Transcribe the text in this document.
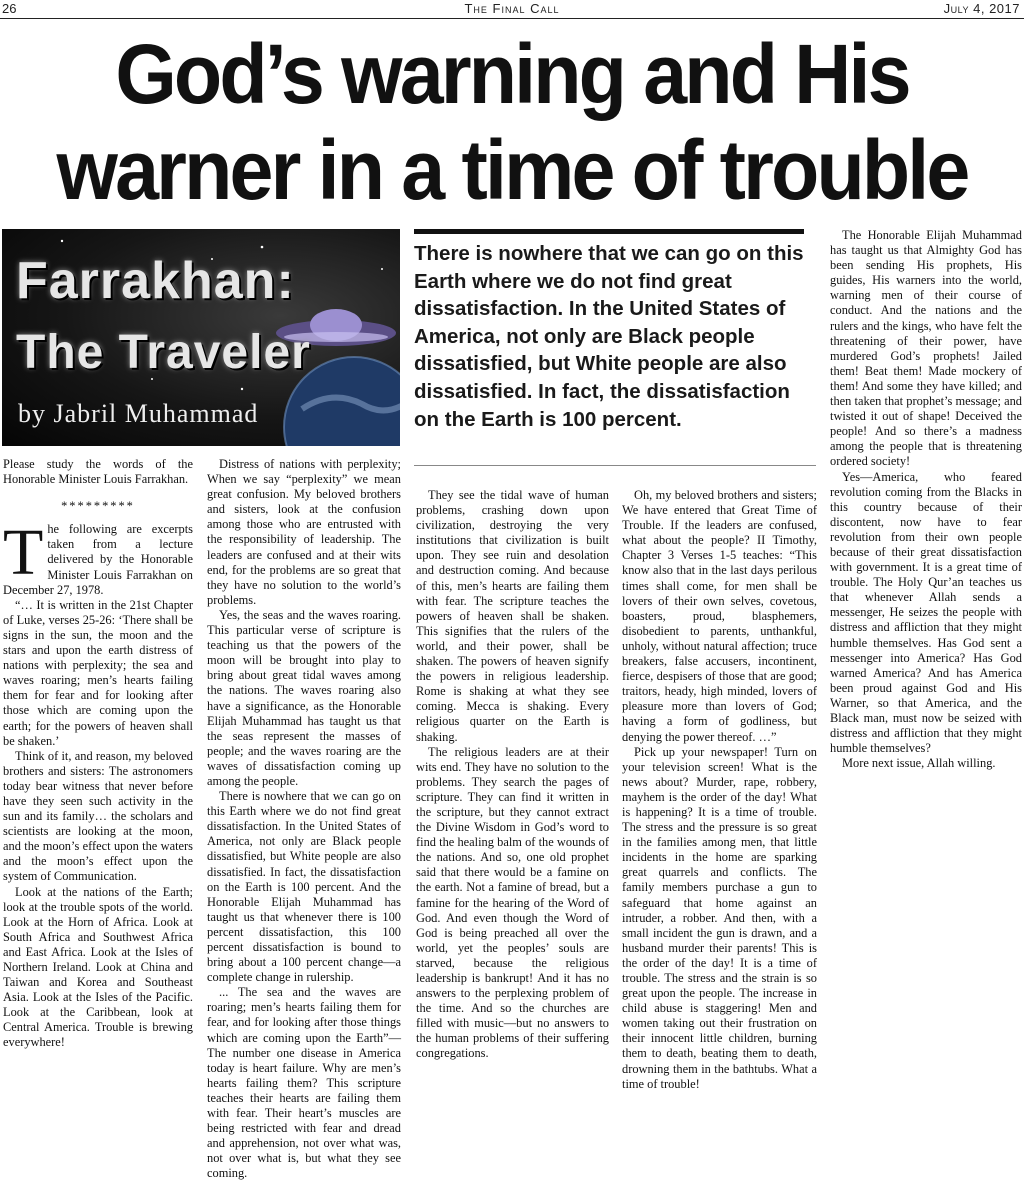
26	The Final Call	July 4, 2017
God’s warning and His
warner in a time of trouble
Farrakhan:
The Traveler
by Jabril Muhammad
There is nowhere that we can go on this Earth where we do not find great dissatisfaction. In the United States of America, not only are Black people dissatisfied, but White people are also dissatisfied. In fact, the dissatisfaction on the Earth is 100 percent.

Please study the words of the Honorable Minister Louis Farrakhan.

*********

The following are excerpts taken from a lecture delivered by the Honorable Minister Louis Farrakhan on December 27, 1978.

“… It is written in the 21st Chapter of Luke, verses 25-26: ‘There shall be signs in the sun, the moon and the stars and upon the earth distress of nations with perplexity; the sea and waves roaring; men’s hearts failing them for fear and for looking after those which are coming upon the earth; for the powers of heaven shall be shaken.’

Think of it, and reason, my beloved brothers and sisters: The astronomers today bear witness that never before have they seen such activity in the sun and its family… the scholars and scientists are looking at the moon, and the moon’s effect upon the waters and the moon’s effect upon the system of Communication.

Look at the nations of the Earth; look at the trouble spots of the world. Look at the Horn of Africa. Look at South Africa and Southwest Africa and East Africa. Look at the Isles of Northern Ireland. Look at China and Taiwan and Korea and Southeast Asia. Look at the Isles of the Pacific. Look at the Caribbean, look at Central America. Trouble is brewing everywhere!

Distress of nations with perplexity; When we say “perplexity” we mean great confusion. My beloved brothers and sisters, look at the confusion among those who are entrusted with the responsibility of leadership. The leaders are confused and at their wits end, for the problems are so great that they have no solution to the world’s problems.

Yes, the seas and the waves roaring. This particular verse of scripture is teaching us that the powers of the moon will be brought into play to bring about great tidal waves among the nations. The waves roaring also have a significance, as the Honorable Elijah Muhammad has taught us that the seas represent the masses of people; and the waves roaring are the waves of dissatisfaction coming up among the people.

There is nowhere that we can go on this Earth where we do not find great dissatisfaction. In the United States of America, not only are Black people dissatisfied, but White people are also dissatisfied. In fact, the dissatisfaction on the Earth is 100 percent. And the Honorable Elijah Muhammad has taught us that whenever there is 100 percent dissatisfaction, this 100 percent dissatisfaction is bound to bring about a 100 percent change—a complete change in rulership.

... The sea and the waves are roaring; men’s hearts failing them for fear, and for looking after those things which are coming upon the Earth”—The number one disease in America today is heart failure. Why are men’s hearts failing them? This scripture teaches their hearts are failing them with fear. Their heart’s muscles are being restricted with fear and dread and apprehension, not over what was, not over what is, but what they see coming.

They see the tidal wave of human problems, crashing down upon civilization, destroying the very institutions that civilization is built upon. They see ruin and desolation and destruction coming. And because of this, men’s hearts are failing them with fear. The scripture teaches the powers of heaven shall be shaken. This signifies that the rulers of the world, and their power, shall be shaken. The powers of heaven signify the powers in religious leadership. Rome is shaking at what they see coming. Mecca is shaking. Every religious quarter on the Earth is shaking.

The religious leaders are at their wits end. They have no solution to the problems. They search the pages of scripture. They can find it written in the scripture, but they cannot extract the Divine Wisdom in God’s word to find the healing balm of the wounds of the nations. And so, one old prophet said that there would be a famine on the earth. Not a famine of bread, but a famine for the hearing of the Word of God. And even though the Word of God is being preached all over the world, yet the peoples’ souls are starved, because the religious leadership is bankrupt! And it has no answers to the perplexing problem of the time. And so the churches are filled with music—but no answers to the human problems of their suffering congregations.

Oh, my beloved brothers and sisters; We have entered that Great Time of Trouble. If the leaders are confused, what about the people? II Timothy, Chapter 3 Verses 1-5 teaches: “This know also that in the last days perilous times shall come, for men shall be lovers of their own selves, covetous, boasters, proud, blasphemers, disobedient to parents, unthankful, unholy, without natural affection; truce breakers, false accusers, incontinent, fierce, despisers of those that are good; traitors, heady, high minded, lovers of pleasure more than lovers of God; having a form of godliness, but denying the power thereof. …”

Pick up your newspaper! Turn on your television screen! What is the news about? Murder, rape, robbery, mayhem is the order of the day! What is happening? It is a time of trouble. The stress and the pressure is so great in the families among men, that little incidents in the home are sparking great quarrels and conflicts. The family members purchase a gun to safeguard that home against an intruder, a robber. And then, with a small incident the gun is drawn, and a husband murder their parents! This is the order of the day! It is a time of trouble. The stress and the strain is so great upon the people. The increase in child abuse is staggering! Men and women taking out their frustration on their innocent little children, burning them to death, beating them to death, drowning them in the bathtubs. What a time of trouble!

The Honorable Elijah Muhammad has taught us that Almighty God has been sending His prophets, His guides, His warners into the world, warning men of their course of conduct. And the nations and the rulers and the kings, who have felt the threatening of their power, have murdered God’s prophets! Jailed them! Beat them! Made mockery of them! And some they have killed; and then taken that prophet’s message; and twisted it out of shape! Deceived the people! And so there’s a madness among the people that is threatening ordered society!

Yes—America, who feared revolution coming from the Blacks in this country because of their discontent, now have to fear revolution from their own people because of their great dissatisfaction with government. It is a great time of trouble. The Holy Qur’an teaches us that whenever Allah sends a messenger, He seizes the people with distress and affliction that they might humble themselves. Has God sent a messenger into America? Has God warned America? And has America been proud against God and His Warner, so that America, and the Black man, must now be seized with distress and affliction that they might humble themselves?

More next issue, Allah willing.
